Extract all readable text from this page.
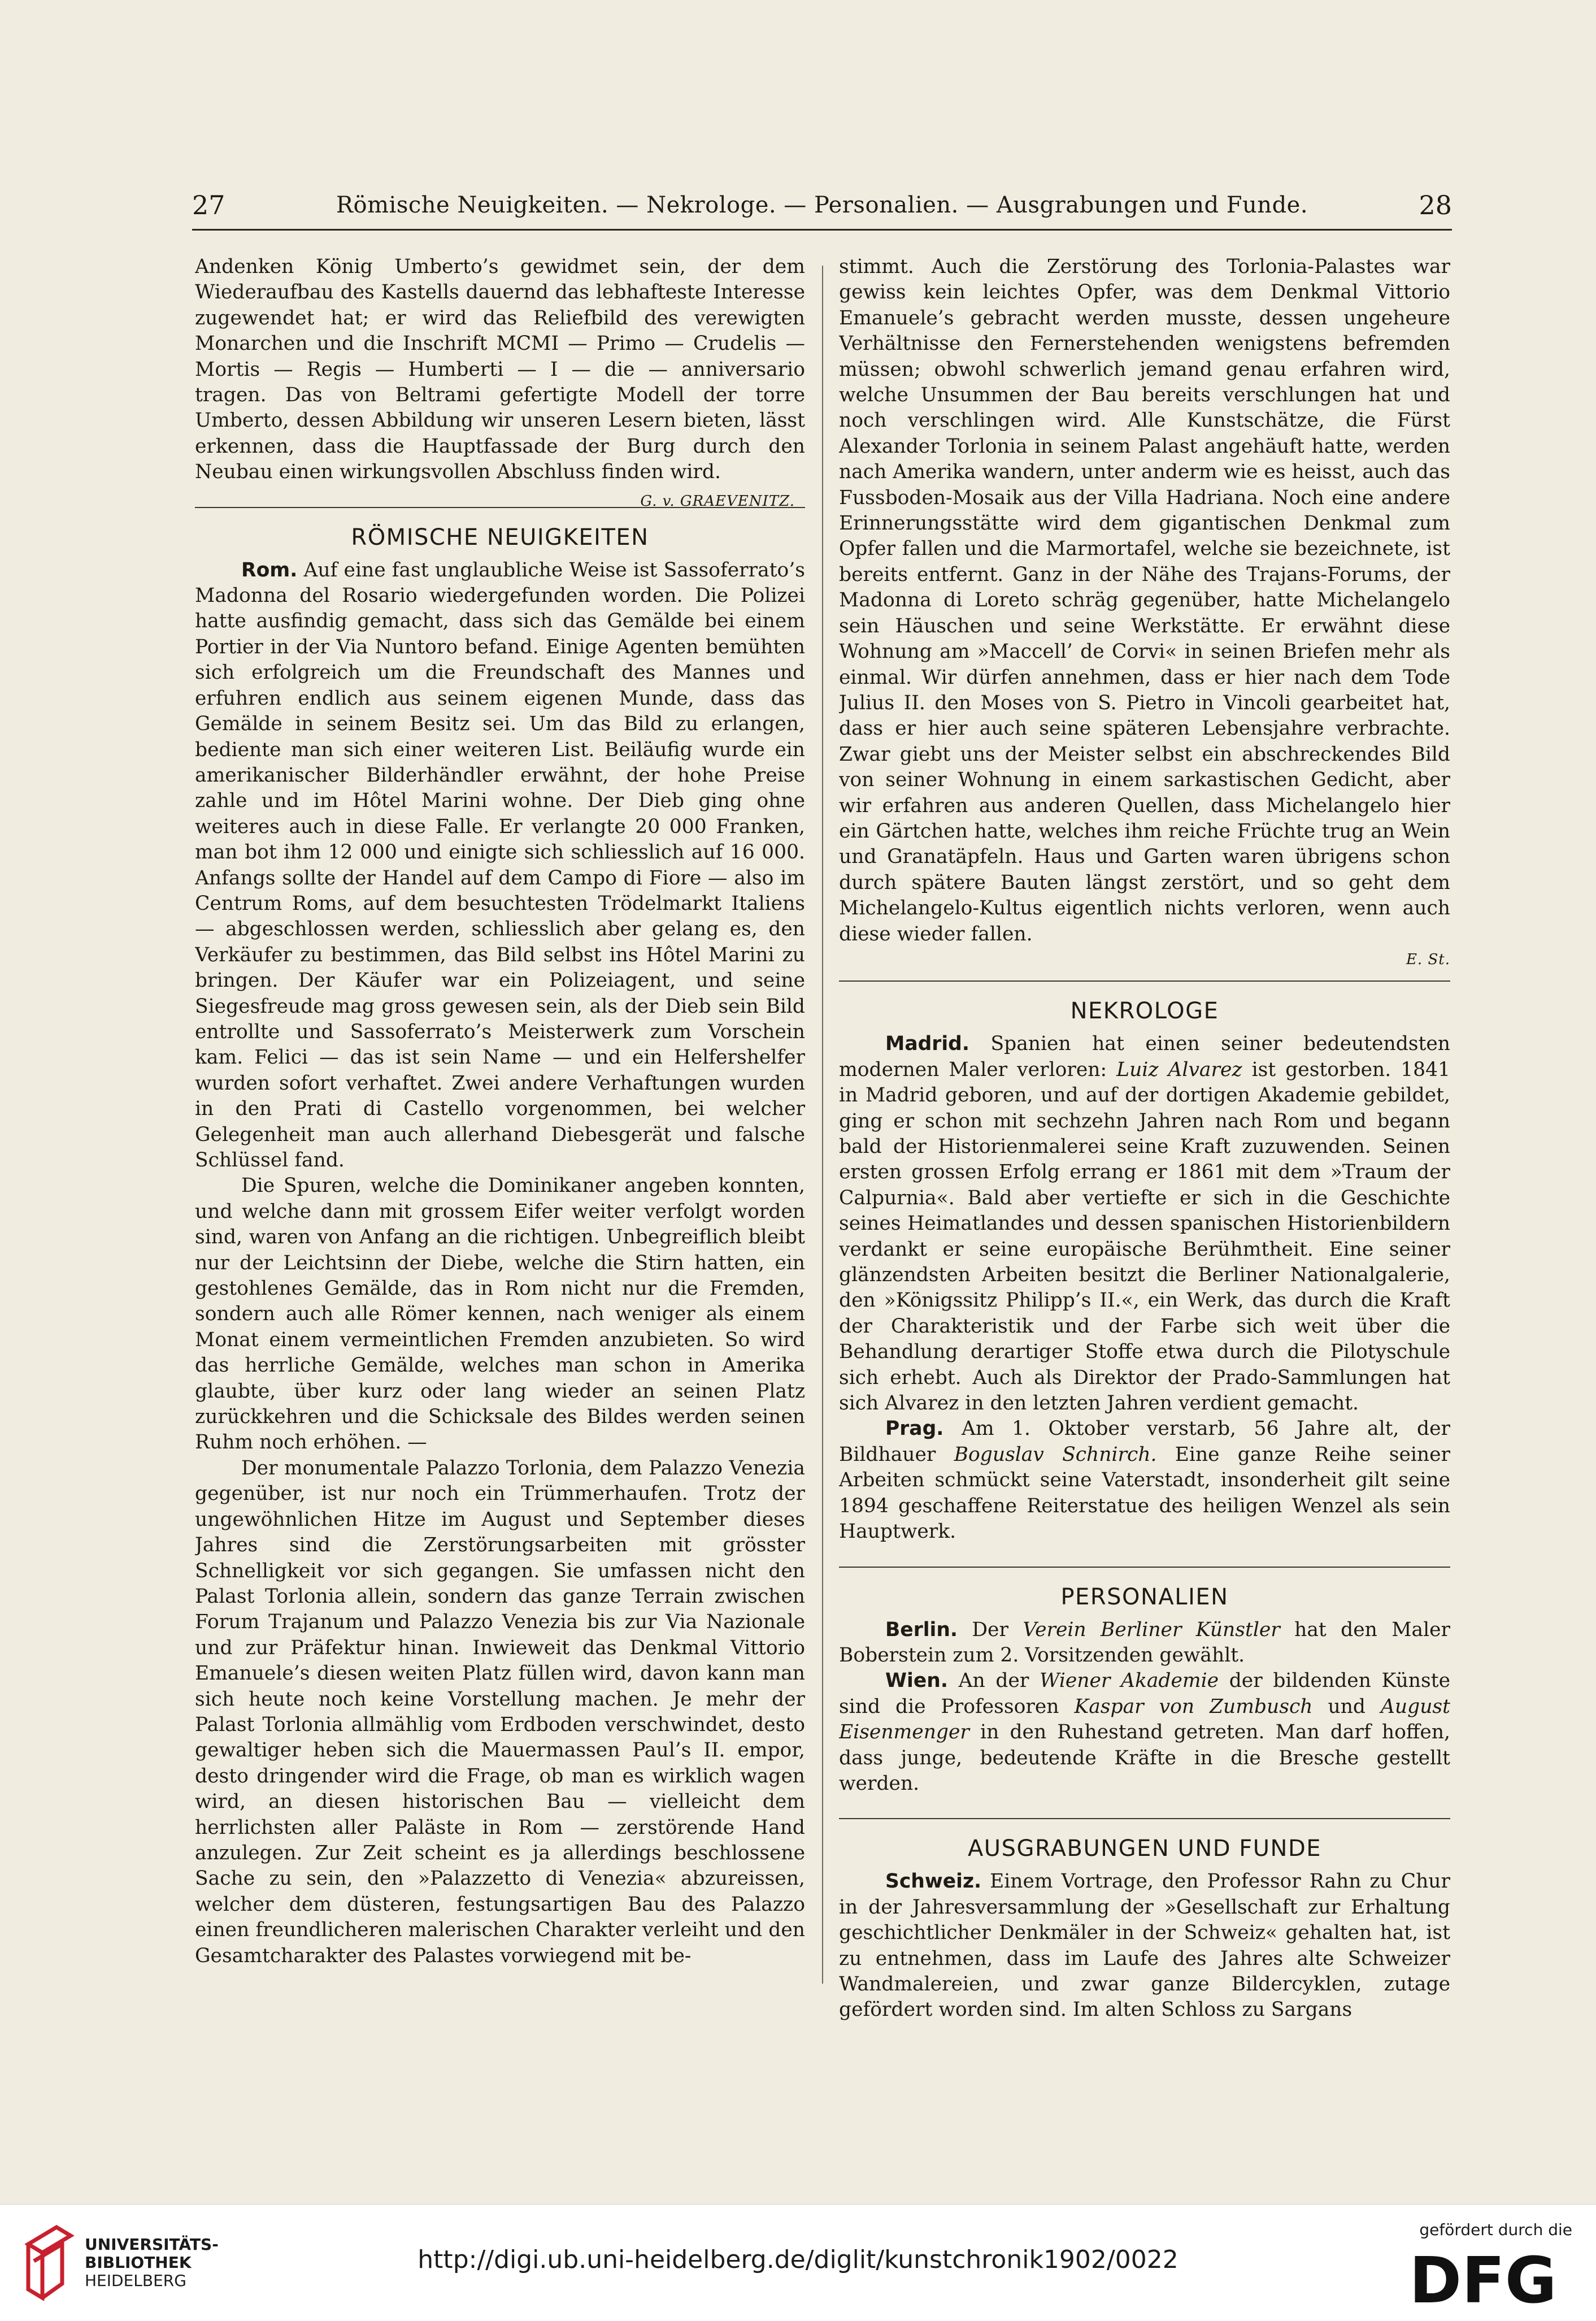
27	Römische Neuigkeiten. — Nekrologe. — Personalien. — Ausgrabungen und Funde.	28

Andenken König Umberto’s gewidmet sein, der dem Wiederaufbau des Kastells dauernd das lebhafteste Interesse zugewendet hat; er wird das Reliefbild des verewigten Monarchen und die Inschrift MCMI — Primo — Crudelis — Mortis — Regis — Humberti — I — die — anniversario tragen. Das von Beltrami gefertigte Modell der torre Umberto, dessen Abbildung wir unseren Lesern bieten, lässt erkennen, dass die Hauptfassade der Burg durch den Neubau einen wirkungsvollen Abschluss finden wird.
G. v. GRAEVENITZ.

RÖMISCHE NEUIGKEITEN

Rom. Auf eine fast unglaubliche Weise ist Sassoferrato’s Madonna del Rosario wiedergefunden worden. Die Polizei hatte ausfindig gemacht, dass sich das Gemälde bei einem Portier in der Via Nuntoro befand. Einige Agenten bemühten sich erfolgreich um die Freundschaft des Mannes und erfuhren endlich aus seinem eigenen Munde, dass das Gemälde in seinem Besitz sei. Um das Bild zu erlangen, bediente man sich einer weiteren List. Beiläufig wurde ein amerikanischer Bilderhändler erwähnt, der hohe Preise zahle und im Hôtel Marini wohne. Der Dieb ging ohne weiteres auch in diese Falle. Er verlangte 20 000 Franken, man bot ihm 12 000 und einigte sich schliesslich auf 16 000. Anfangs sollte der Handel auf dem Campo di Fiore — also im Centrum Roms, auf dem besuchtesten Trödelmarkt Italiens — abgeschlossen werden, schliesslich aber gelang es, den Verkäufer zu bestimmen, das Bild selbst ins Hôtel Marini zu bringen. Der Käufer war ein Polizeiagent, und seine Siegesfreude mag gross gewesen sein, als der Dieb sein Bild entrollte und Sassoferrato’s Meisterwerk zum Vorschein kam. Felici — das ist sein Name — und ein Helfershelfer wurden sofort verhaftet. Zwei andere Verhaftungen wurden in den Prati di Castello vorgenommen, bei welcher Gelegenheit man auch allerhand Diebesgerät und falsche Schlüssel fand.

Die Spuren, welche die Dominikaner angeben konnten, und welche dann mit grossem Eifer weiter verfolgt worden sind, waren von Anfang an die richtigen. Unbegreiflich bleibt nur der Leichtsinn der Diebe, welche die Stirn hatten, ein gestohlenes Gemälde, das in Rom nicht nur die Fremden, sondern auch alle Römer kennen, nach weniger als einem Monat einem vermeintlichen Fremden anzubieten. So wird das herrliche Gemälde, welches man schon in Amerika glaubte, über kurz oder lang wieder an seinen Platz zurückkehren und die Schicksale des Bildes werden seinen Ruhm noch erhöhen. —

Der monumentale Palazzo Torlonia, dem Palazzo Venezia gegenüber, ist nur noch ein Trümmerhaufen. Trotz der ungewöhnlichen Hitze im August und September dieses Jahres sind die Zerstörungsarbeiten mit grösster Schnelligkeit vor sich gegangen. Sie umfassen nicht den Palast Torlonia allein, sondern das ganze Terrain zwischen Forum Trajanum und Palazzo Venezia bis zur Via Nazionale und zur Präfektur hinan. Inwieweit das Denkmal Vittorio Emanuele’s diesen weiten Platz füllen wird, davon kann man sich heute noch keine Vorstellung machen. Je mehr der Palast Torlonia allmählig vom Erdboden verschwindet, desto gewaltiger heben sich die Mauermassen Paul’s II. empor, desto dringender wird die Frage, ob man es wirklich wagen wird, an diesen historischen Bau — vielleicht dem herrlichsten aller Paläste in Rom — zerstörende Hand anzulegen. Zur Zeit scheint es ja allerdings beschlossene Sache zu sein, den »Palazzetto di Venezia« abzureissen, welcher dem düsteren, festungsartigen Bau des Palazzo einen freundlicheren malerischen Charakter verleiht und den Gesamtcharakter des Palastes vorwiegend mit be-

stimmt. Auch die Zerstörung des Torlonia-Palastes war gewiss kein leichtes Opfer, was dem Denkmal Vittorio Emanuele’s gebracht werden musste, dessen ungeheure Verhältnisse den Fernerstehenden wenigstens befremden müssen; obwohl schwerlich jemand genau erfahren wird, welche Unsummen der Bau bereits verschlungen hat und noch verschlingen wird. Alle Kunstschätze, die Fürst Alexander Torlonia in seinem Palast angehäuft hatte, werden nach Amerika wandern, unter anderm wie es heisst, auch das Fussboden-Mosaik aus der Villa Hadriana. Noch eine andere Erinnerungsstätte wird dem gigantischen Denkmal zum Opfer fallen und die Marmortafel, welche sie bezeichnete, ist bereits entfernt. Ganz in der Nähe des Trajans-Forums, der Madonna di Loreto schräg gegenüber, hatte Michelangelo sein Häuschen und seine Werkstätte. Er erwähnt diese Wohnung am »Maccell’ de Corvi« in seinen Briefen mehr als einmal. Wir dürfen annehmen, dass er hier nach dem Tode Julius II. den Moses von S. Pietro in Vincoli gearbeitet hat, dass er hier auch seine späteren Lebensjahre verbrachte. Zwar giebt uns der Meister selbst ein abschreckendes Bild von seiner Wohnung in einem sarkastischen Gedicht, aber wir erfahren aus anderen Quellen, dass Michelangelo hier ein Gärtchen hatte, welches ihm reiche Früchte trug an Wein und Granatäpfeln. Haus und Garten waren übrigens schon durch spätere Bauten längst zerstört, und so geht dem Michelangelo-Kultus eigentlich nichts verloren, wenn auch diese wieder fallen.

E. St.

NEKROLOGE

Madrid. Spanien hat einen seiner bedeutendsten modernen Maler verloren: Luiz Alvarez ist gestorben. 1841 in Madrid geboren, und auf der dortigen Akademie gebildet, ging er schon mit sechzehn Jahren nach Rom und begann bald der Historienmalerei seine Kraft zuzuwenden. Seinen ersten grossen Erfolg errang er 1861 mit dem »Traum der Calpurnia«. Bald aber vertiefte er sich in die Geschichte seines Heimatlandes und dessen spanischen Historienbildern verdankt er seine europäische Berühmtheit. Eine seiner glänzendsten Arbeiten besitzt die Berliner Nationalgalerie, den »Königssitz Philipp’s II.«, ein Werk, das durch die Kraft der Charakteristik und der Farbe sich weit über die Behandlung derartiger Stoffe etwa durch die Pilotyschule sich erhebt. Auch als Direktor der Prado-Sammlungen hat sich Alvarez in den letzten Jahren verdient gemacht.

Prag. Am 1. Oktober verstarb, 56 Jahre alt, der Bildhauer Boguslav Schnirch. Eine ganze Reihe seiner Arbeiten schmückt seine Vaterstadt, insonderheit gilt seine 1894 geschaffene Reiterstatue des heiligen Wenzel als sein Hauptwerk.

PERSONALIEN

Berlin. Der Verein Berliner Künstler hat den Maler Boberstein zum 2. Vorsitzenden gewählt.

Wien. An der Wiener Akademie der bildenden Künste sind die Professoren Kaspar von Zumbusch und August Eisenmenger in den Ruhestand getreten. Man darf hoffen, dass junge, bedeutende Kräfte in die Bresche gestellt werden.

AUSGRABUNGEN UND FUNDE

Schweiz. Einem Vortrage, den Professor Rahn zu Chur in der Jahresversammlung der »Gesellschaft zur Erhaltung geschichtlicher Denkmäler in der Schweiz« gehalten hat, ist zu entnehmen, dass im Laufe des Jahres alte Schweizer Wandmalereien, und zwar ganze Bildercyklen, zutage gefördert worden sind. Im alten Schloss zu Sargans

UNIVERSITÄTS-
BIBLIOTHEK
HEIDELBERG
http://digi.ub.uni-heidelberg.de/diglit/kunstchronik1902/0022
gefördert durch die
DFG
